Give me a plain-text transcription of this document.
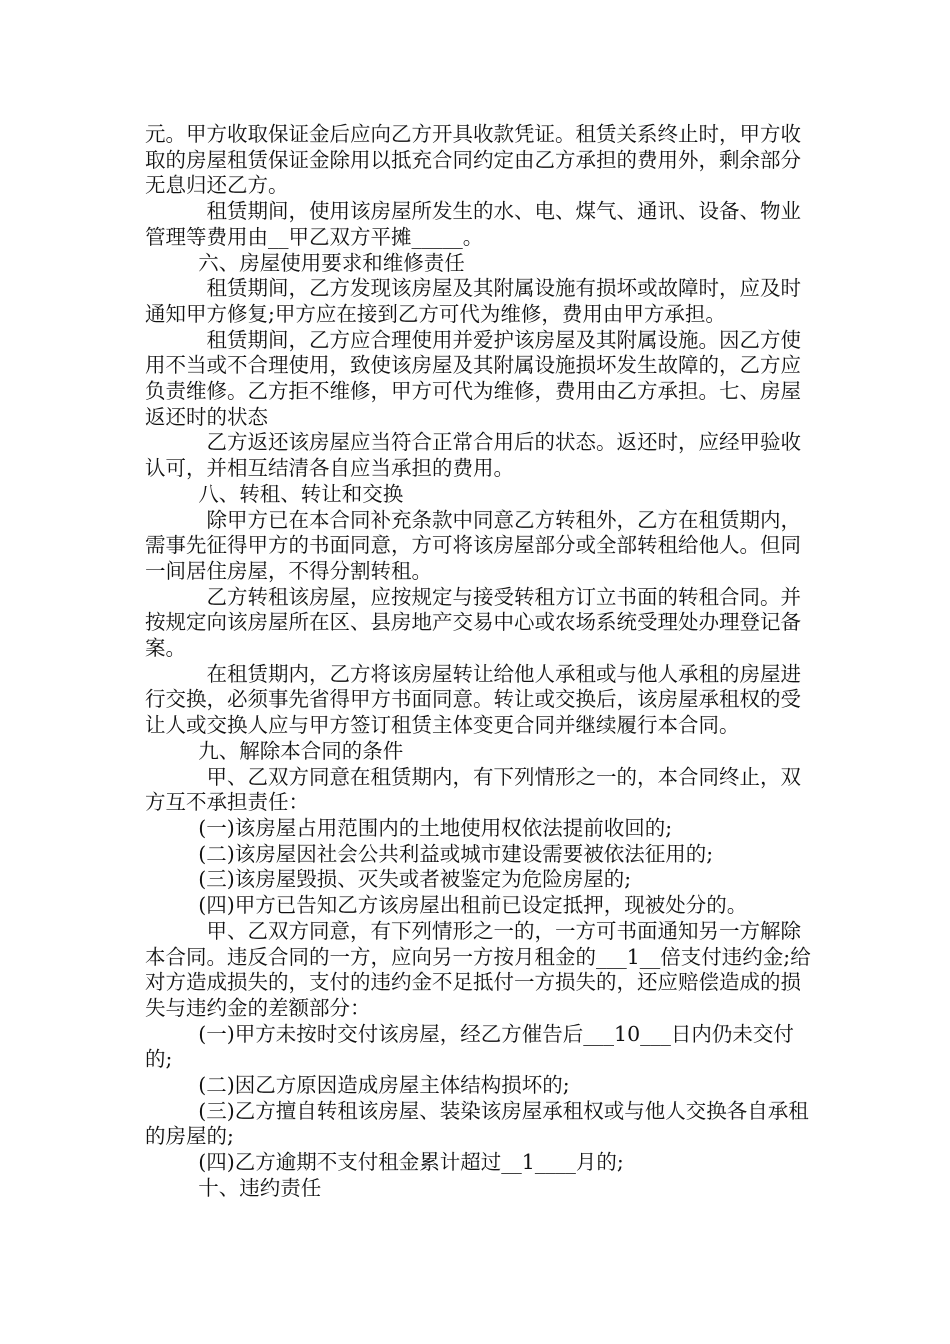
元。甲方收取保证金后应向乙方开具收款凭证。租赁关系终止时，甲方收取的房屋租赁保证金除用以抵充合同约定由乙方承担的费用外，剩余部分无息归还乙方。

租赁期间，使用该房屋所发生的水、电、煤气、通讯、设备、物业管理等费用由__甲乙双方平摊_____。

六、房屋使用要求和维修责任

租赁期间，乙方发现该房屋及其附属设施有损坏或故障时，应及时通知甲方修复;甲方应在接到乙方可代为维修，费用由甲方承担。

租赁期间，乙方应合理使用并爱护该房屋及其附属设施。因乙方使用不当或不合理使用，致使该房屋及其附属设施损坏发生故障的，乙方应负责维修。乙方拒不维修，甲方可代为维修，费用由乙方承担。七、房屋返还时的状态

乙方返还该房屋应当符合正常合用后的状态。返还时，应经甲验收认可，并相互结清各自应当承担的费用。

八、转租、转让和交换

除甲方已在本合同补充条款中同意乙方转租外，乙方在租赁期内，需事先征得甲方的书面同意，方可将该房屋部分或全部转租给他人。但同一间居住房屋，不得分割转租。

乙方转租该房屋，应按规定与接受转租方订立书面的转租合同。并按规定向该房屋所在区、县房地产交易中心或农场系统受理处办理登记备案。

在租赁期内，乙方将该房屋转让给他人承租或与他人承租的房屋进行交换，必须事先省得甲方书面同意。转让或交换后，该房屋承租权的受让人或交换人应与甲方签订租赁主体变更合同并继续履行本合同。

九、解除本合同的条件

甲、乙双方同意在租赁期内，有下列情形之一的，本合同终止，双方互不承担责任：

(一)该房屋占用范围内的土地使用权依法提前收回的;

(二)该房屋因社会公共利益或城市建设需要被依法征用的;

(三)该房屋毁损、灭失或者被鉴定为危险房屋的;

(四)甲方已告知乙方该房屋出租前已设定抵押，现被处分的。

甲、乙双方同意，有下列情形之一的，一方可书面通知另一方解除本合同。违反合同的一方，应向另一方按月租金的___1__倍支付违约金;给对方造成损失的，支付的违约金不足抵付一方损失的，还应赔偿造成的损失与违约金的差额部分：

(一)甲方未按时交付该房屋，经乙方催告后___10___日内仍未交付的;

(二)因乙方原因造成房屋主体结构损坏的;

(三)乙方擅自转租该房屋、装染该房屋承租权或与他人交换各自承租的房屋的;

(四)乙方逾期不支付租金累计超过__1____月的;

十、违约责任
